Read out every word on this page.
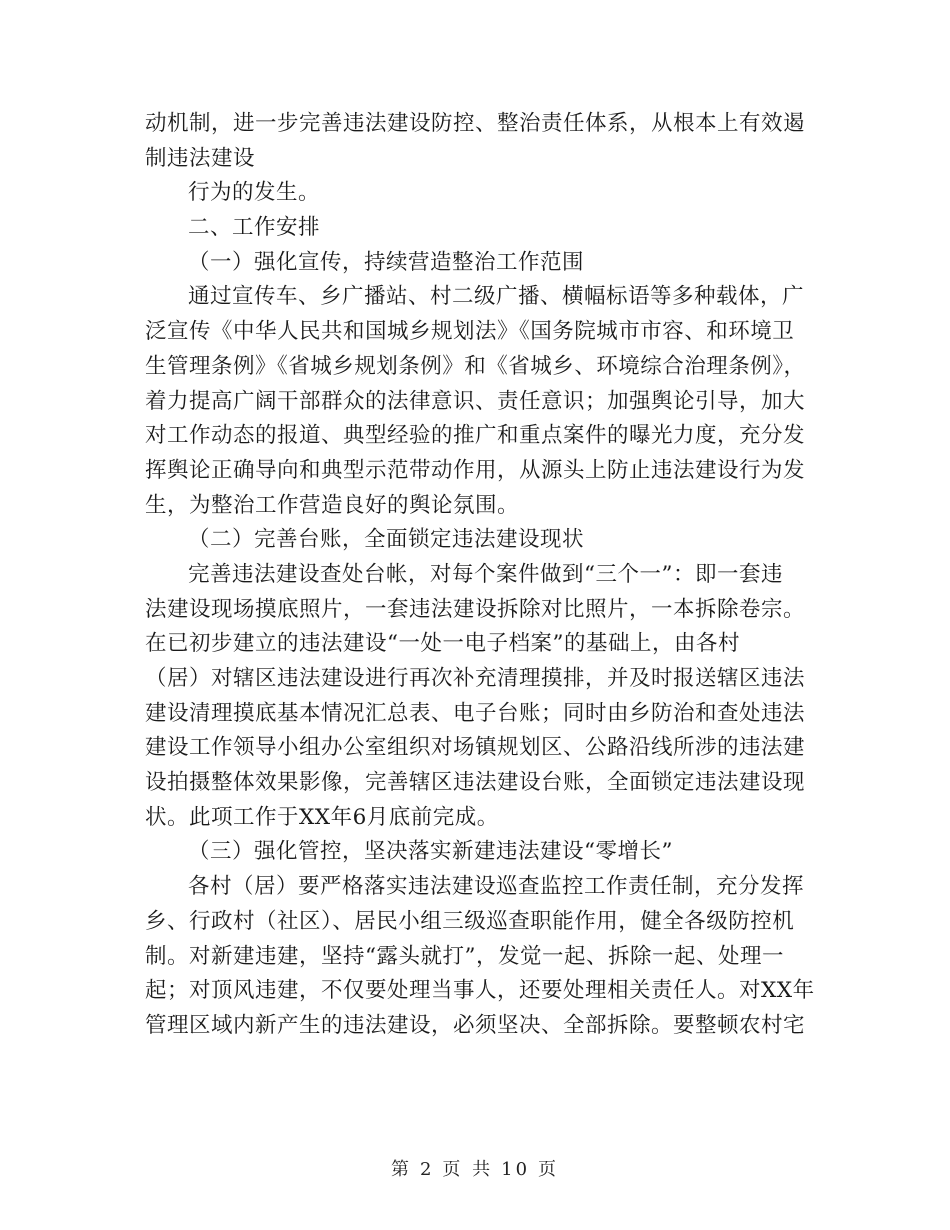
动机制，进一步完善违法建设防控、整治责任体系，从根本上有效遏
制违法建设
行为的发生。
二、工作安排
（一）强化宣传，持续营造整治工作范围
通过宣传车、乡广播站、村二级广播、横幅标语等多种载体，广
泛宣传《中华人民共和国城乡规划法》《国务院城市市容、和环境卫
生管理条例》《省城乡规划条例》和《省城乡、环境综合治理条例》，
着力提高广阔干部群众的法律意识、责任意识；加强舆论引导，加大
对工作动态的报道、典型经验的推广和重点案件的曝光力度，充分发
挥舆论正确导向和典型示范带动作用，从源头上防止违法建设行为发
生，为整治工作营造良好的舆论氛围。
（二）完善台账，全面锁定违法建设现状
完善违法建设查处台帐，对每个案件做到“三个一”：即一套违
法建设现场摸底照片，一套违法建设拆除对比照片，一本拆除卷宗。
在已初步建立的违法建设“一处一电子档案”的基础上，由各村
（居）对辖区违法建设进行再次补充清理摸排，并及时报送辖区违法
建设清理摸底基本情况汇总表、电子台账；同时由乡防治和查处违法
建设工作领导小组办公室组织对场镇规划区、公路沿线所涉的违法建
设拍摄整体效果影像，完善辖区违法建设台账，全面锁定违法建设现
状。此项工作于XX年6月底前完成。
（三）强化管控，坚决落实新建违法建设“零增长”
各村（居）要严格落实违法建设巡查监控工作责任制，充分发挥
乡、行政村（社区）、居民小组三级巡查职能作用，健全各级防控机
制。对新建违建，坚持“露头就打”，发觉一起、拆除一起、处理一
起；对顶风违建，不仅要处理当事人，还要处理相关责任人。对XX年
管理区域内新产生的违法建设，必须坚决、全部拆除。要整顿农村宅
第 2 页 共 10 页
